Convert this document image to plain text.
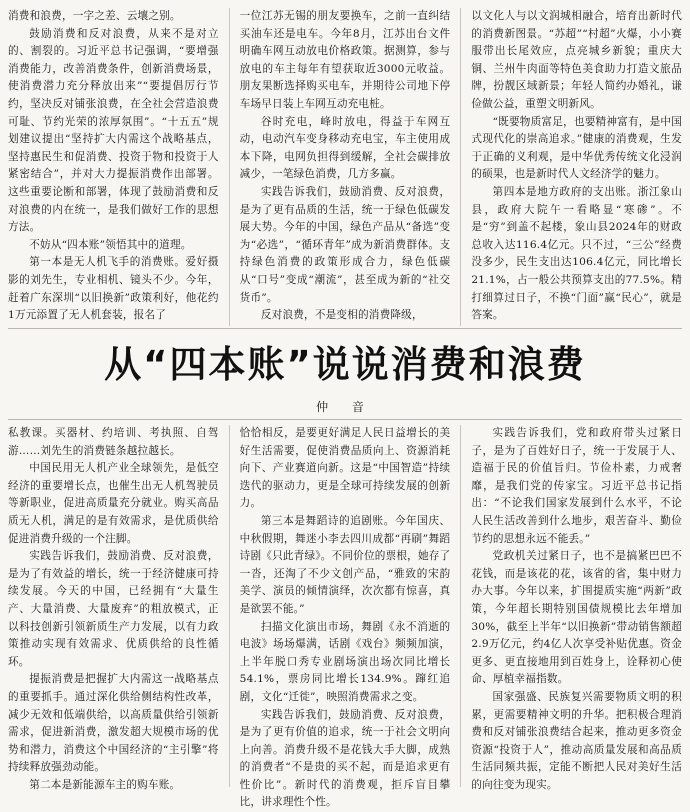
消费和浪费，一字之差、云壤之别。

鼓励消费和反对浪费，从来不是对立的、割裂的。习近平总书记强调，“要增强消费能力，改善消费条件，创新消费场景，使消费潜力充分释放出来”“要提倡厉行节约，坚决反对铺张浪费，在全社会营造浪费可耻、节约光荣的浓厚氛围”。“十五五”规划建议提出“坚持扩大内需这个战略基点，坚持惠民生和促消费、投资于物和投资于人紧密结合”，并对大力提振消费作出部署。这些重要论断和部署，体现了鼓励消费和反对浪费的内在统一，是我们做好工作的思想方法。

不妨从“四本账”领悟其中的道理。

第一本是无人机飞手的消费账。爱好摄影的刘先生，专业相机、镜头不少。今年，赶着广东深圳“以旧换新”政策利好，他花约1万元添置了无人机套装，报名了

一位江苏无锡的朋友要换车，之前一直纠结买油车还是电车。今年8月，江苏出台文件明确车网互动放电价格政策。据测算，参与放电的车主每年有望获取近3000元收益。朋友果断选择购买电车，并期待公司地下停车场早日装上车网互动充电桩。

谷时充电，峰时放电，得益于车网互动，电动汽车变身移动充电宝，车主使用成本下降，电网负担得到缓解，全社会碳排放减少，一笔绿色消费，几方多赢。

实践告诉我们，鼓励消费、反对浪费，是为了更有品质的生活，统一于绿色低碳发展大势。今年的中国，绿色产品从“备选”变为“必选”，“循环青年”成为新消费群体。支持绿色消费的政策形成合力，绿色低碳从“口号”变成“潮流”，甚至成为新的“社交货币”。

反对浪费，不是变相的消费降级，

以文化人与以文润城相融合，培育出新时代的消费新图景。“苏超”“村超”火爆，小小赛服带出长尾效应，点亮城乡新貌；重庆大铜、兰州牛肉面等特色美食助力打造文旅品牌，扮靓区域新景；年轻人简约办婚礼，谦俭做公益，重塑文明新风。

“既要物质富足，也要精神富有，是中国式现代化的崇高追求。”健康的消费观，生发于正确的义利观，是中华优秀传统文化浸润的硕果，也是新时代人文经济学的魅力。

第四本是地方政府的支出账。浙江象山县，政府大院午一看略显“寒碜”。不是“穷”到盖不起楼，象山县2024年的财政总收入达116.4亿元。只不过，“三公”经费没多少，民生支出达106.4亿元，同比增长21.1%，占一般公共预算支出的77.5%。精打细算过日子，不换“门面”赢“民心”，就是答案。

从“四本账”说说消费和浪费
仲 音

私教课。买器材、约培训、考执照、自驾游……刘先生的消费链条越拉越长。

中国民用无人机产业全球领先，是低空经济的重要增长点，也催生出无人机驾驶员等新职业，促进高质量充分就业。购买高品质无人机，满足的是有效需求，是优质供给促进消费升级的一个注脚。

实践告诉我们，鼓励消费、反对浪费，是为了有效益的增长，统一于经济健康可持续发展。今天的中国，已经拥有“大量生产、大量消费、大量废弃”的粗放模式，正以科技创新引领新质生产力发展，以有力政策推动实现有效需求、优质供给的良性循环。

提振消费是把握扩大内需这一战略基点的重要抓手。通过深化供给侧结构性改革，减少无效和低端供给，以高质量供给引领新需求，促进新消费，激发超大规模市场的优势和潜力，消费这个中国经济的“主引擎”将持续释放强劲动能。

第二本是新能源车主的购车账。

恰恰相反，是要更好满足人民日益增长的美好生活需要，促使消费品质向上、资源消耗向下、产业赛道向新。这是“中国智造”持续迭代的驱动力，更是全球可持续发展的创新力。

第三本是舞蹈诗的追剧账。今年国庆、中秋假期，舞迷小李去四川成都“再刷”舞蹈诗剧《只此青绿》。不同价位的票根，她存了一沓，还淘了不少文创产品，“雅致的宋韵美学、演员的倾情演绎，次次都有惊喜，真是欲罢不能。”

扫描文化演出市场，舞剧《永不消逝的电波》场场爆满，话剧《戏台》频频加演，上半年脱口秀专业剧场演出场次同比增长54.1%，票房同比增长134.9%。蹿红追剧，文化“迁徙”，映照消费需求之变。

实践告诉我们，鼓励消费、反对浪费，是为了更有价值的追求，统一于社会文明向上向善。消费升级不是花钱大手大脚，成熟的消费者“不是贵的买不起，而是追求更有性价比”。新时代的消费观，拒斥盲目攀比，讲求理性个性。

实践告诉我们，党和政府带头过紧日子，是为了百姓好日子，统一于发展于人、造福于民的价值旨归。节俭朴素，力戒奢靡，是我们党的传家宝。习近平总书记指出：“不论我们国家发展到什么水平，不论人民生活改善到什么地步，艰苦奋斗、勤俭节约的思想永远不能丢。”

党政机关过紧日子，也不是搞紧巴巴不花钱，而是该花的花，该省的省，集中财力办大事。今年以来，扩围提质实施“两新”政策，今年超长期特别国债规模比去年增加30%，截至上半年“以旧换新”带动销售额超2.9万亿元，约4亿人次享受补贴优惠。资金更多、更直接地用到百姓身上，诠释初心使命、厚植幸福指数。

国家强盛、民族复兴需要物质文明的积累，更需要精神文明的升华。把积极合理消费和反对铺张浪费结合起来，推动更多资金资源“投资于人”，推动高质量发展和高品质生活同频共振，定能不断把人民对美好生活的向往变为现实。
